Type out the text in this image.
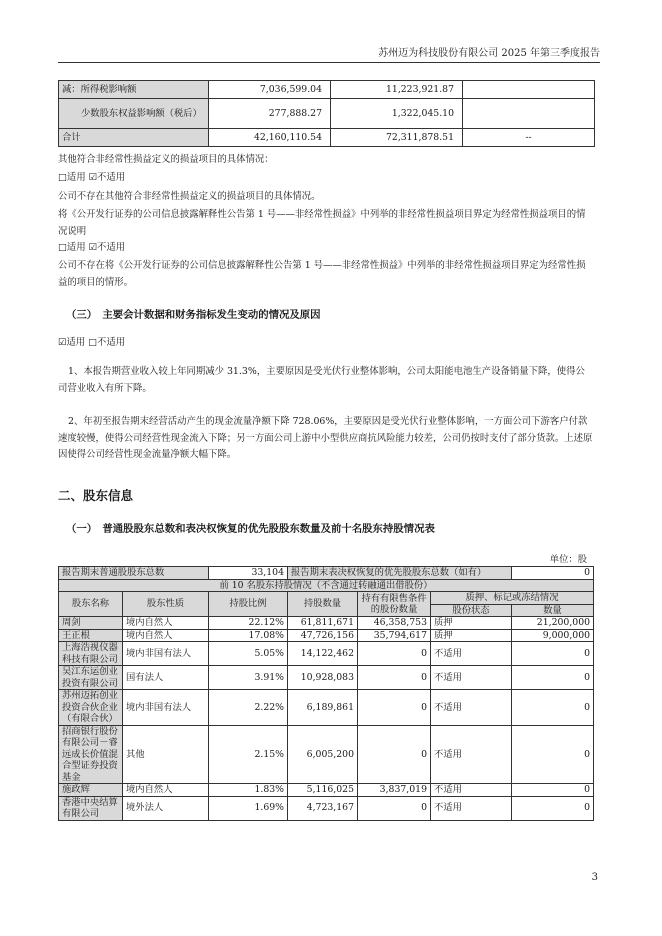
苏州迈为科技股份有限公司 2025 年第三季度报告
减：所得税影响额	7,036,599.04	11,223,921.87	
少数股东权益影响额（税后）	277,888.27	1,322,045.10	
合计	42,160,110.54	72,311,878.51	--

其他符合非经常性损益定义的损益项目的具体情况：

□适用 ☑不适用

公司不存在其他符合非经常性损益定义的损益项目的具体情况。

将《公开发行证券的公司信息披露解释性公告第 1 号——非经常性损益》中列举的非经常性损益项目界定为经常性损益项目的情况说明

□适用 ☑不适用

公司不存在将《公开发行证券的公司信息披露解释性公告第 1 号——非经常性损益》中列举的非经常性损益项目界定为经常性损益的项目的情形。

（三）　主要会计数据和财务指标发生变动的情况及原因

☑适用 □不适用

1、本报告期营业收入较上年同期减少 31.3%，主要原因是受光伏行业整体影响，公司太阳能电池生产设备销量下降，使得公司营业收入有所下降。

2、年初至报告期末经营活动产生的现金流量净额下降 728.06%，主要原因是受光伏行业整体影响，一方面公司下游客户付款速度较慢，使得公司经营性现金流入下降；另一方面公司上游中小型供应商抗风险能力较差，公司仍按时支付了部分货款。上述原因使得公司经营性现金流量净额大幅下降。

二、股东信息

（一）　普通股股东总数和表决权恢复的优先股股东数量及前十名股东持股情况表

单位：股
报告期末普通股股东总数		33,104	报告期末表决权恢复的优先股股东总数（如有）			0
前 10 名股东持股情况（不含通过转融通出借股份）						
股东名称	股东性质	持股比例	持股数量	持有有限售条件的股份数量	质押、标记或冻结情况	
					股份状态	数量
周剑	境内自然人	22.12%	61,811,671	46,358,753	质押	21,200,000
王正根	境内自然人	17.08%	47,726,156	35,794,617	质押	9,000,000
上海浩视仪器科技有限公司	境内非国有法人	5.05%	14,122,462	0	不适用	0
吴江东运创业投资有限公司	国有法人	3.91%	10,928,083	0	不适用	0
苏州迈拓创业投资合伙企业（有限合伙）	境内非国有法人	2.22%	6,189,861	0	不适用	0
招商银行股份有限公司－睿远成长价值混合型证券投资基金	其他	2.15%	6,005,200	0	不适用	0
施政辉	境内自然人	1.83%	5,116,025	3,837,019	不适用	0
香港中央结算有限公司	境外法人	1.69%	4,723,167	0	不适用	0
3
